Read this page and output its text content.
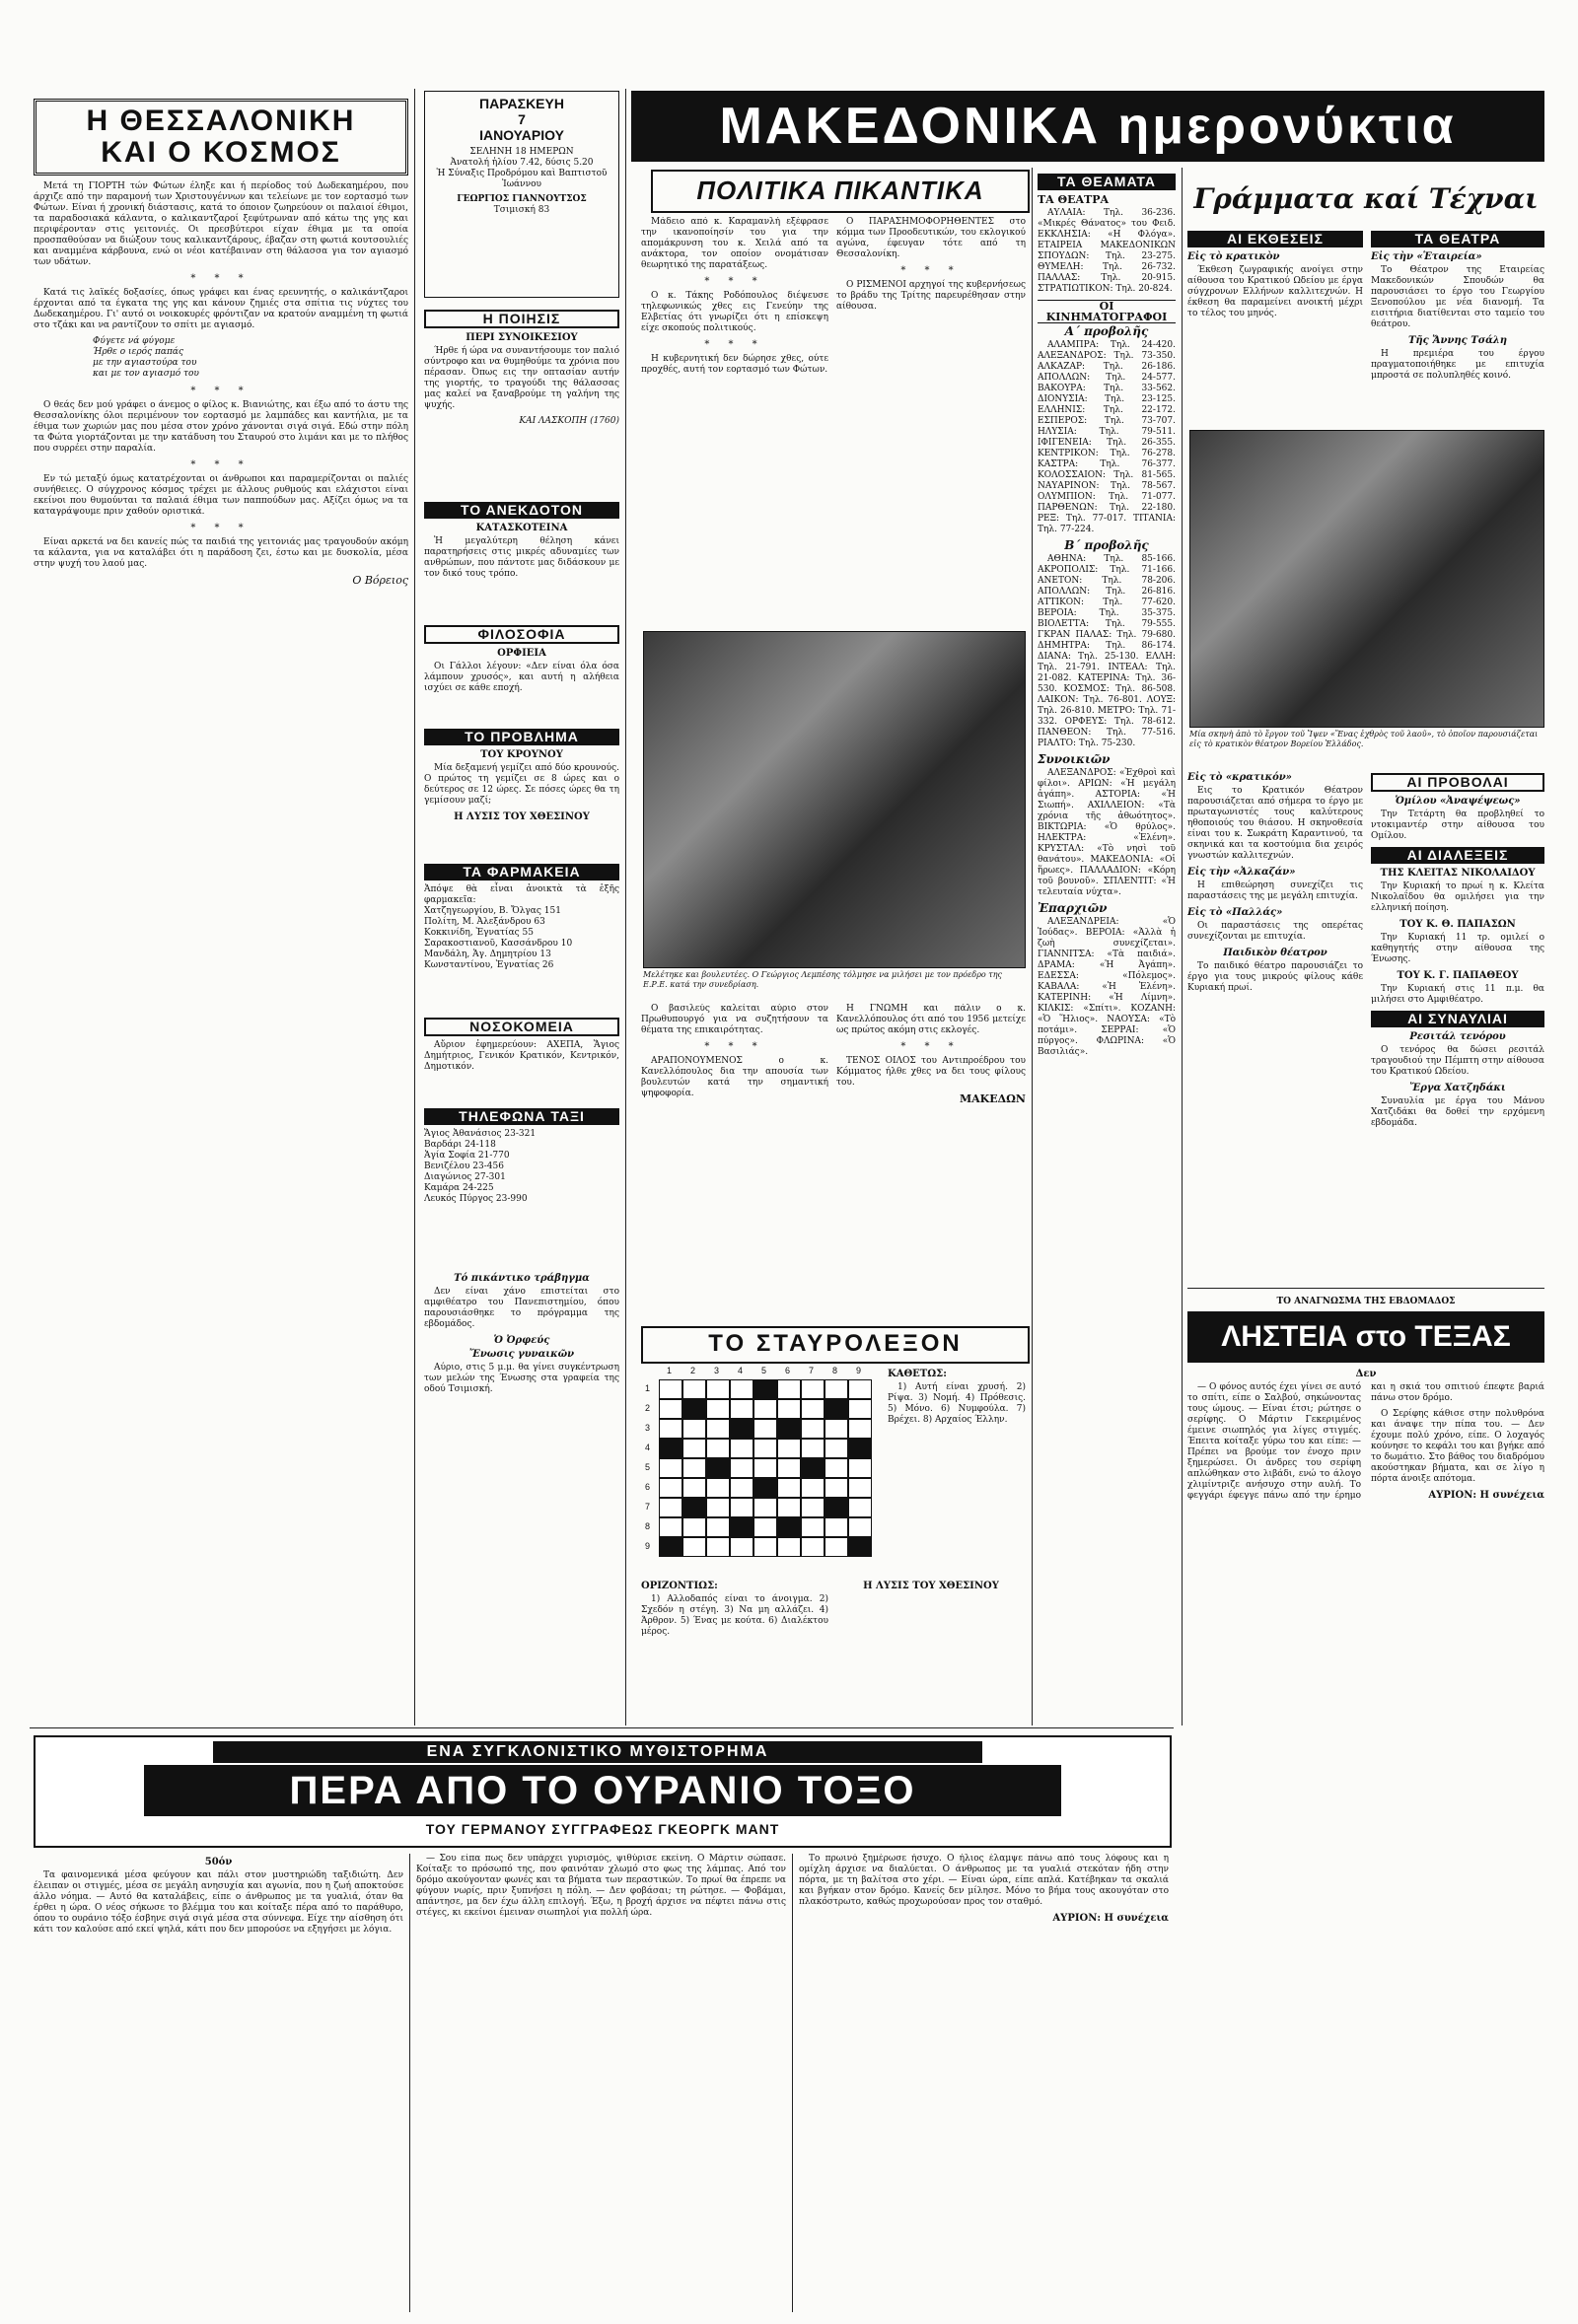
Η ΘΕΣΣΑΛΟΝΙΚΗ
ΚΑΙ Ο ΚΟΣΜΟΣ

Μετά τη ΓΙΟΡΤΗ τών Φώτων έληξε και ή περίοδος τού Δωδεκαημέρου, που άρχιζε από την παραμονή των Χριστουγέννων και τελείωνε με τον εορτασμό των Φώτων. Είναι ή χρονική διάστασις, κατά το όποιον ζωηρεύουν οι παλαιοί έθιμοι, τα παραδοσιακά κάλαντα, ο καλικαντζαροί ξεφύτρωναν από κάτω της γης και περιφέρονταν στις γειτονιές. Οι πρεσβύτεροι είχαν έθιμα με τα οποία προσπαθούσαν να διώξουν τους καλικαντζάρους, έβαζαν στη φωτιά κουτσουλιές και αναμμένα κάρβουνα, ενώ οι νέοι κατέβαιναν στη θάλασσα για τον αγιασμό των υδάτων.

* * *

Κατά τις λαϊκές δοξασίες, όπως γράφει και ένας ερευνητής, ο καλικάντζαροι έρχονται από τα έγκατα της γης και κάνουν ζημιές στα σπίτια τις νύχτες του Δωδεκαημέρου. Γι' αυτό οι νοικοκυρές φρόντιζαν να κρατούν αναμμένη τη φωτιά στο τζάκι και να ραντίζουν το σπίτι με αγιασμό.

Φύγετε νά φύγομε
Ήρθε ο ιερός παπάς
με την αγιαστούρα του
και με τον αγιασμό του
* * *

Ο θεάς δεν μού γράφει ο άνεμος ο φίλος κ. Βιανιώτης, και έξω από το άστυ της Θεσσαλονίκης όλοι περιμένουν τον εορτασμό με λαμπάδες και καντήλια, με τα έθιμα των χωριών μας που μέσα στον χρόνο χάνονται σιγά σιγά. Εδώ στην πόλη τα Φώτα γιορτάζονται με την κατάδυση του Σταυρού στο λιμάνι και με το πλήθος που συρρέει στην παραλία.

* * *

Εν τώ μεταξύ όμως κατατρέχονται οι άνθρωποι και παραμερίζονται οι παλιές συνήθειες. Ο σύγχρονος κόσμος τρέχει με άλλους ρυθμούς και ελάχιστοι είναι εκείνοι που θυμούνται τα παλαιά έθιμα των παππούδων μας. Αξίζει όμως να τα καταγράψουμε πριν χαθούν οριστικά.

* * *

Είναι αρκετά να δει κανείς πώς τα παιδιά της γειτονιάς μας τραγουδούν ακόμη τα κάλαντα, για να καταλάβει ότι η παράδοση ζει, έστω και με δυσκολία, μέσα στην ψυχή του λαού μας.

Ο Βόρειος
ΠΑΡΑΣΚΕΥΗ
7
ΙΑΝΟΥΑΡΙΟΥ
ΣΕΛΗΝΗ 18 ΗΜΕΡΩΝ
Ἀνατολή ἡλίου 7.42, δύσις 5.20
Ἡ Σύναξις Προδρόμου καὶ Βαπτιστοῦ Ἰωάννου
ΓΕΩΡΓΙΟΣ ΓΙΑΝΝΟΥΤΣΟΣ
Τσιμισκή 83
Η ΠΟΙΗΣΙΣ
ΠΕΡΙ ΣΥΝΟΙΚΕΣΙΟΥ

Ήρθε ή ώρα να συναντήσουμε τον παλιό σύντροφο και να θυμηθούμε τα χρόνια που πέρασαν. Όπως εις την οπτασίαν αυτήν της γιορτής, το τραγούδι της θάλασσας μας καλεί να ξαναβρούμε τη γαλήνη της ψυχής.

ΚΑΙ ΛΑΣΚΟΠΗ (1760)
ΤΟ ΑΝΕΚΔΟΤΟΝ
ΚΑΤΑΣΚΟΤΕΙΝΑ

Ἡ μεγαλύτερη θέληση κάνει παρατηρήσεις στις μικρές αδυναμίες των ανθρώπων, που πάντοτε μας διδάσκουν με τον δικό τους τρόπο.

ΦΙΛΟΣΟΦΙΑ
ΟΡΦΙΕΙΑ

Οι Γάλλοι λέγουν: «Δεν είναι όλα όσα λάμπουν χρυσός», και αυτή η αλήθεια ισχύει σε κάθε εποχή.

ΤΟ ΠΡΟΒΛΗΜΑ
ΤΟΥ ΚΡΟΥΝΟΥ

Μία δεξαμενή γεμίζει από δύο κρουνούς. Ο πρώτος τη γεμίζει σε 8 ώρες και ο δεύτερος σε 12 ώρες. Σε πόσες ώρες θα τη γεμίσουν μαζί;

Η ΛΥΣΙΣ ΤΟΥ ΧΘΕΣΙΝΟΥ
ΤΑ ΦΑΡΜΑΚΕΙΑ
Ἀπόψε θὰ εἶναι ἀνοικτὰ τὰ ἑξῆς φαρμακεῖα:
Χατζηγεωργίου, Β. Ὄλγας 151
Πολίτη, Μ. Ἀλεξάνδρου 63
Κοκκινίδη, Ἐγνατίας 55
Σαρακοστιανοῦ, Κασσάνδρου 10
Μανδάλη, Ἁγ. Δημητρίου 13
Κωνσταντίνου, Ἐγνατίας 26
ΝΟΣΟΚΟΜΕΙΑ

Αὔριον ἐφημερεύουν: ΑΧΕΠΑ, Ἅγιος Δημήτριος, Γενικόν Κρατικόν, Κεντρικόν, Δημοτικόν.

ΤΗΛΕΦΩΝΑ ΤΑΞΙ
Ἄγιος Ἀθανάσιος 23-321
Βαρδάρι 24-118
Ἁγία Σοφία 21-770
Βενιζέλου 23-456
Διαγώνιος 27-301
Καμάρα 24-225
Λευκός Πύργος 23-990
Τό πικάντικο τράβηγμα

Δεν είναι χάνο επιστείται στο αμφιθέατρο του Πανεπιστημίου, όπου παρουσιάσθηκε το πρόγραμμα της εβδομάδος.

Ὁ Ὀρφεύς
Ἔνωσις γυναικῶν

Αύριο, στις 5 μ.μ. θα γίνει συγκέντρωση των μελών της Ένωσης στα γραφεία της οδού Τσιμισκή.

ΜΑΚΕΔΟΝΙΚΑ ημερονύκτια
ΠΟΛΙΤΙΚΑ ΠΙΚΑΝΤΙΚΑ

Μάδειο από κ. Καραμανλή εξέφρασε την ικανοποίησίν του για την απομάκρυνση του κ. Χειλά από τα ανάκτορα, τον οποίον ονομάτισαν θεωρητικό της παρατάξεως.

* * *

Ο κ. Τάκης Ροδόπουλος διέψευσε τηλεφωνικώς χθες εις Γενεύην της Ελβετίας ότι γνωρίζει ότι η επίσκεψη είχε σκοπούς πολιτικούς.

* * *

Η κυβερνητική δεν δώρησε χθες, ούτε προχθές, αυτή τον εορτασμό των Φώτων.

Ο ΠΑΡΑΣΗΜΟΦΟΡΗΘΕΝΤΕΣ στο κόμμα των Προοδευτικών, του εκλογικού αγώνα, έφευγαν τότε από τη Θεσσαλονίκη.

* * *

Ο ΡΙΣΜΕΝΟΙ αρχηγοί της κυβερνήσεως το βράδυ της Τρίτης παρευρέθησαν στην αίθουσα.

Μελέτηκε και βουλευτέες. Ο Γεώργιος Λεμπέσης τόλμησε να μιλήσει με τον πρόεδρο της Ε.Ρ.Ε. κατά την συνεδρίαση.

Ο βασιλεύς καλείται αύριο στον Πρωθυπουργό για να συζητήσουν τα θέματα της επικαιρότητας.

* * *

ΑΡΑΠΟΝΟΥΜΕΝΟΣ ο κ. Κανελλόπουλος δια την απουσία των βουλευτών κατά την σημαντική ψηφοφορία.

Η ΓΝΩΜΗ και πάλιν ο κ. Κανελλόπουλος ότι από του 1956 μετείχε ως πρώτος ακόμη στις εκλογές.

* * *

ΤΕΝΟΣ ΟΙΛΟΣ του Αντιπροέδρου του Κόμματος ήλθε χθες να δει τους φίλους του.

ΜΑΚΕΔΩΝ
ΤΟ ΣΤΑΥΡΟΛΕΞΟΝ
1 2 3 4 5 6 7 8 9
1
2
3
4
5
6
7
8
9
ΚΑΘΕΤΩΣ:

1) Αυτή είναι χρυσή. 2) Ρίψα. 3) Νομή. 4) Πρόθεσις. 5) Μόνο. 6) Νυμφούλα. 7) Βρέχει. 8) Αρχαίος Έλλην.

ΟΡΙΖΟΝΤΙΩΣ:

1) Αλλοδαπός είναι το άνοιγμα. 2) Σχεδόν η στέγη. 3) Να μη αλλάζει. 4) Άρθρον. 5) Ένας με κούτα. 6) Διαλέκτου μέρος.

Η ΛΥΣΙΣ ΤΟΥ ΧΘΕΣΙΝΟΥ
ΤΑ ΘΕΑΜΑΤΑ
ΤΑ ΘΕΑΤΡΑ

ΑΥΛΑΙΑ: Τηλ. 36-236. «Μικρές Θάνατος» του Φειδ. ΕΚΚΛΗΣΙΑ: «Η Φλόγα». ΕΤΑΙΡΕΙΑ ΜΑΚΕΔΟΝΙΚΩΝ ΣΠΟΥΔΩΝ: Τηλ. 23-275. ΘΥΜΕΛΗ: Τηλ. 26-732. ΠΑΛΛΑΣ: Τηλ. 20-915. ΣΤΡΑΤΙΩΤΙΚΟΝ: Τηλ. 20-824.

ΟΙ ΚΙΝΗΜΑΤΟΓΡΑΦΟΙ
Α΄ προβολῆς

ΑΛΑΜΠΡΑ: Τηλ. 24-420. ΑΛΕΞΑΝΔΡΟΣ: Τηλ. 73-350. ΑΛΚΑΖΑΡ: Τηλ. 26-186. ΑΠΟΛΛΩΝ: Τηλ. 24-577. ΒΑΚΟΥΡΑ: Τηλ. 33-562. ΔΙΟΝΥΣΙΑ: Τηλ. 23-125. ΕΛΛΗΝΙΣ: Τηλ. 22-172. ΕΣΠΕΡΟΣ: Τηλ. 73-707. ΗΛΥΣΙΑ: Τηλ. 79-511. ΙΦΙΓΕΝΕΙΑ: Τηλ. 26-355. ΚΕΝΤΡΙΚΟΝ: Τηλ. 76-278. ΚΑΣΤΡΑ: Τηλ. 76-377. ΚΟΛΟΣΣΑΙΟΝ: Τηλ. 81-565. ΝΑΥΑΡΙΝΟΝ: Τηλ. 78-567. ΟΛΥΜΠΙΟΝ: Τηλ. 71-077. ΠΑΡΘΕΝΩΝ: Τηλ. 22-180. ΡΕΞ: Τηλ. 77-017. ΤΙΤΑΝΙΑ: Τηλ. 77-224.

Β΄ προβολῆς

ΑΘΗΝΑ: Τηλ. 85-166. ΑΚΡΟΠΟΛΙΣ: Τηλ. 71-166. ΑΝΕΤΟΝ: Τηλ. 78-206. ΑΠΟΛΛΩΝ: Τηλ. 26-816. ΑΤΤΙΚΟΝ: Τηλ. 77-620. ΒΕΡΟΙΑ: Τηλ. 35-375. ΒΙΟΛΕΤΤΑ: Τηλ. 79-555. ΓΚΡΑΝ ΠΑΛΑΣ: Τηλ. 79-680. ΔΗΜΗΤΡΑ: Τηλ. 86-174. ΔΙΑΝΑ: Τηλ. 25-130. ΕΛΛΗ: Τηλ. 21-791. ΙΝΤΕΑΛ: Τηλ. 21-082. ΚΑΤΕΡΙΝΑ: Τηλ. 36-530. ΚΟΣΜΟΣ: Τηλ. 86-508. ΛΑΙΚΟΝ: Τηλ. 76-801. ΛΟΥΞ: Τηλ. 26-810. ΜΕΤΡΟ: Τηλ. 71-332. ΟΡΦΕΥΣ: Τηλ. 78-612. ΠΑΝΘΕΟΝ: Τηλ. 77-516. ΡΙΑΛΤΟ: Τηλ. 75-230.

Συνοικιῶν

ΑΛΕΞΑΝΔΡΟΣ: «Ἐχθροὶ καὶ φίλοι». ΑΡΙΩΝ: «Ἡ μεγάλη ἀγάπη». ΑΣΤΟΡΙΑ: «Ἡ Σιωπή». ΑΧΙΛΛΕΙΟΝ: «Τὰ χρόνια τῆς ἀθωότητος». ΒΙΚΤΩΡΙΑ: «Ὁ θρύλος». ΗΛΕΚΤΡΑ: «Ἐλένη». ΚΡΥΣΤΑΛ: «Τὸ νησὶ τοῦ θανάτου». ΜΑΚΕΔΟΝΙΑ: «Οἱ ἥρωες». ΠΑΛΛΑΔΙΟΝ: «Κόρη τοῦ βουνοῦ». ΣΠΛΕΝΤΙΤ: «Ἡ τελευταία νύχτα».

Ἐπαρχιῶν

ΑΛΕΞΑΝΔΡΕΙΑ: «Ὁ Ἰούδας». ΒΕΡΟΙΑ: «Ἀλλὰ ἡ ζωὴ συνεχίζεται». ΓΙΑΝΝΙΤΣΑ: «Τὰ παιδιά». ΔΡΑΜΑ: «Ἡ Ἀγάπη». ΕΔΕΣΣΑ: «Πόλεμος». ΚΑΒΑΛΑ: «Ἡ Ἑλένη». ΚΑΤΕΡΙΝΗ: «Ἡ Λίμνη». ΚΙΛΚΙΣ: «Σπίτι». ΚΟΖΑΝΗ: «Ὁ Ἥλιος». ΝΑΟΥΣΑ: «Τὸ ποτάμι». ΣΕΡΡΑΙ: «Ὁ πύργος». ΦΛΩΡΙΝΑ: «Ὁ Βασιλιάς».

Γράμματα καί Τέχναι
ΑΙ ΕΚΘΕΣΕΙΣ
Εἰς τὸ κρατικὸν

Έκθεση ζωγραφικής ανοίγει στην αίθουσα του Κρατικού Ωδείου με έργα σύγχρονων Ελλήνων καλλιτεχνών. Η έκθεση θα παραμείνει ανοικτή μέχρι το τέλος του μηνός.

ΤΑ ΘΕΑΤΡΑ
Εἰς τὴν «Ἑταιρεία»

Το Θέατρον της Εταιρείας Μακεδονικών Σπουδών θα παρουσιάσει το έργο του Γεωργίου Ξενοπούλου με νέα διανομή. Τα εισιτήρια διατίθενται στο ταμείο του θεάτρου.

Τῆς Ἄννης Τσάλη

Η πρεμιέρα του έργου πραγματοποιήθηκε με επιτυχία μπροστά σε πολυπληθές κοινό.

Μία σκηνὴ ἀπὸ τὸ ἔργον τοῦ Ἴψεν «Ἕνας ἐχθρὸς τοῦ λαοῦ», τὸ ὁποῖον παρουσιάζεται εἰς τὸ κρατικὸν θέατρον Βορείου Ἑλλάδος.
Εἰς τὸ «κρατικόν»

Εις το Κρατικόν Θέατρον παρουσιάζεται από σήμερα το έργο με πρωταγωνιστές τους καλύτερους ηθοποιούς του θιάσου. Η σκηνοθεσία είναι του κ. Σωκράτη Καραντινού, τα σκηνικά και τα κοστούμια δια χειρός γνωστών καλλιτεχνών.

Εἰς τὴν «Ἀλκαζάν»

Η επιθεώρηση συνεχίζει τις παραστάσεις της με μεγάλη επιτυχία.

Εἰς τὸ «Παλλάς»

Οι παραστάσεις της οπερέτας συνεχίζονται με επιτυχία.

Παιδικὸν θέατρον

Το παιδικό θέατρο παρουσιάζει το έργο για τους μικρούς φίλους κάθε Κυριακή πρωί.

ΑΙ ΠΡΟΒΟΛΑΙ
Ὁμίλου «Ἀναψέψεως»

Την Τετάρτη θα προβληθεί το ντοκιμαντέρ στην αίθουσα του Ομίλου.

ΑΙ ΔΙΑΛΕΞΕΙΣ
ΤΗΣ ΚΛΕΙΤΑΣ ΝΙΚΟΛΑΙΔΟΥ

Την Κυριακή το πρωί η κ. Κλείτα Νικολαΐδου θα ομιλήσει για την ελληνική ποίηση.

ΤΟΥ Κ. Θ. ΠΑΠΑΣΩΝ

Την Κυριακή 11 τρ. ομιλεί ο καθηγητής στην αίθουσα της Ένωσης.

ΤΟΥ Κ. Γ. ΠΑΠΑΘΕΟΥ

Την Κυριακή στις 11 π.μ. θα μιλήσει στο Αμφιθέατρο.

ΑΙ ΣΥΝΑΥΛΙΑΙ
Ρεσιτάλ τενόρου

Ο τενόρος θα δώσει ρεσιτάλ τραγουδιού την Πέμπτη στην αίθουσα του Κρατικού Ωδείου.

Ἔργα Χατζηδάκι

Συναυλία με έργα του Μάνου Χατζιδάκι θα δοθεί την ερχόμενη εβδομάδα.

ΤΟ ΑΝΑΓΝΩΣΜΑ ΤΗΣ ΕΒΔΟΜΑΔΟΣ
ΛΗΣΤΕΙΑ στο ΤΕΞΑΣ
Δεν

— Ο φόνος αυτός έχει γίνει σε αυτό το σπίτι, είπε ο Σαλβού, σηκώνοντας τους ώμους. — Είναι έτσι; ρώτησε ο σερίφης. Ο Μάρτιν Γεκεριμένος έμεινε σιωπηλός για λίγες στιγμές. Έπειτα κοίταξε γύρω του και είπε: — Πρέπει να βρούμε τον ένοχο πριν ξημερώσει. Οι άνδρες του σερίφη απλώθηκαν στο λιβάδι, ενώ το άλογο χλιμίντριζε ανήσυχο στην αυλή. Το φεγγάρι έφεγγε πάνω από την έρημο και η σκιά του σπιτιού έπεφτε βαριά πάνω στον δρόμο.

Ο Σερίφης κάθισε στην πολυθρόνα και άναψε την πίπα του. — Δεν έχουμε πολύ χρόνο, είπε. Ο λοχαγός κούνησε το κεφάλι του και βγήκε από το δωμάτιο. Στο βάθος του διαδρόμου ακούστηκαν βήματα, και σε λίγο η πόρτα άνοιξε απότομα.

ΑΥΡΙΟΝ: Η συνέχεια
ΕΝΑ ΣΥΓΚΛΟΝΙΣΤΙΚΟ ΜΥΘΙΣΤΟΡΗΜΑ
ΠΕΡΑ ΑΠΟ ΤΟ ΟΥΡΑΝΙΟ ΤΟΞΟ
ΤΟΥ ΓΕΡΜΑΝΟΥ ΣΥΓΓΡΑΦΕΩΣ ΓΚΕΟΡΓΚ ΜΑΝΤ
50όν

Τα φαινομενικά μέσα φεύγουν και πάλι στον μυστηριώδη ταξιδιώτη. Δεν έλειπαν οι στιγμές, μέσα σε μεγάλη ανησυχία και αγωνία, που η ζωή αποκτούσε άλλο νόημα. — Αυτό θα καταλάβεις, είπε ο άνθρωπος με τα γυαλιά, όταν θα έρθει η ώρα. Ο νέος σήκωσε το βλέμμα του και κοίταξε πέρα από το παράθυρο, όπου το ουράνιο τόξο έσβηνε σιγά σιγά μέσα στα σύννεφα. Είχε την αίσθηση ότι κάτι τον καλούσε από εκεί ψηλά, κάτι που δεν μπορούσε να εξηγήσει με λόγια.

— Σου είπα πως δεν υπάρχει γυρισμός, ψιθύρισε εκείνη. Ο Μάρτιν σώπασε. Κοίταξε το πρόσωπό της, που φαινόταν χλωμό στο φως της λάμπας. Από τον δρόμο ακούγονταν φωνές και τα βήματα των περαστικών. Το πρωί θα έπρεπε να φύγουν νωρίς, πριν ξυπνήσει η πόλη. — Δεν φοβάσαι; τη ρώτησε. — Φοβάμαι, απάντησε, μα δεν έχω άλλη επιλογή. Έξω, η βροχή άρχισε να πέφτει πάνω στις στέγες, κι εκείνοι έμειναν σιωπηλοί για πολλή ώρα.

Το πρωινό ξημέρωσε ήσυχο. Ο ήλιος έλαμψε πάνω από τους λόφους και η ομίχλη άρχισε να διαλύεται. Ο άνθρωπος με τα γυαλιά στεκόταν ήδη στην πόρτα, με τη βαλίτσα στο χέρι. — Είναι ώρα, είπε απλά. Κατέβηκαν τα σκαλιά και βγήκαν στον δρόμο. Κανείς δεν μίλησε. Μόνο το βήμα τους ακουγόταν στο πλακόστρωτο, καθώς προχωρούσαν προς τον σταθμό.

ΑΥΡΙΟΝ: Η συνέχεια
